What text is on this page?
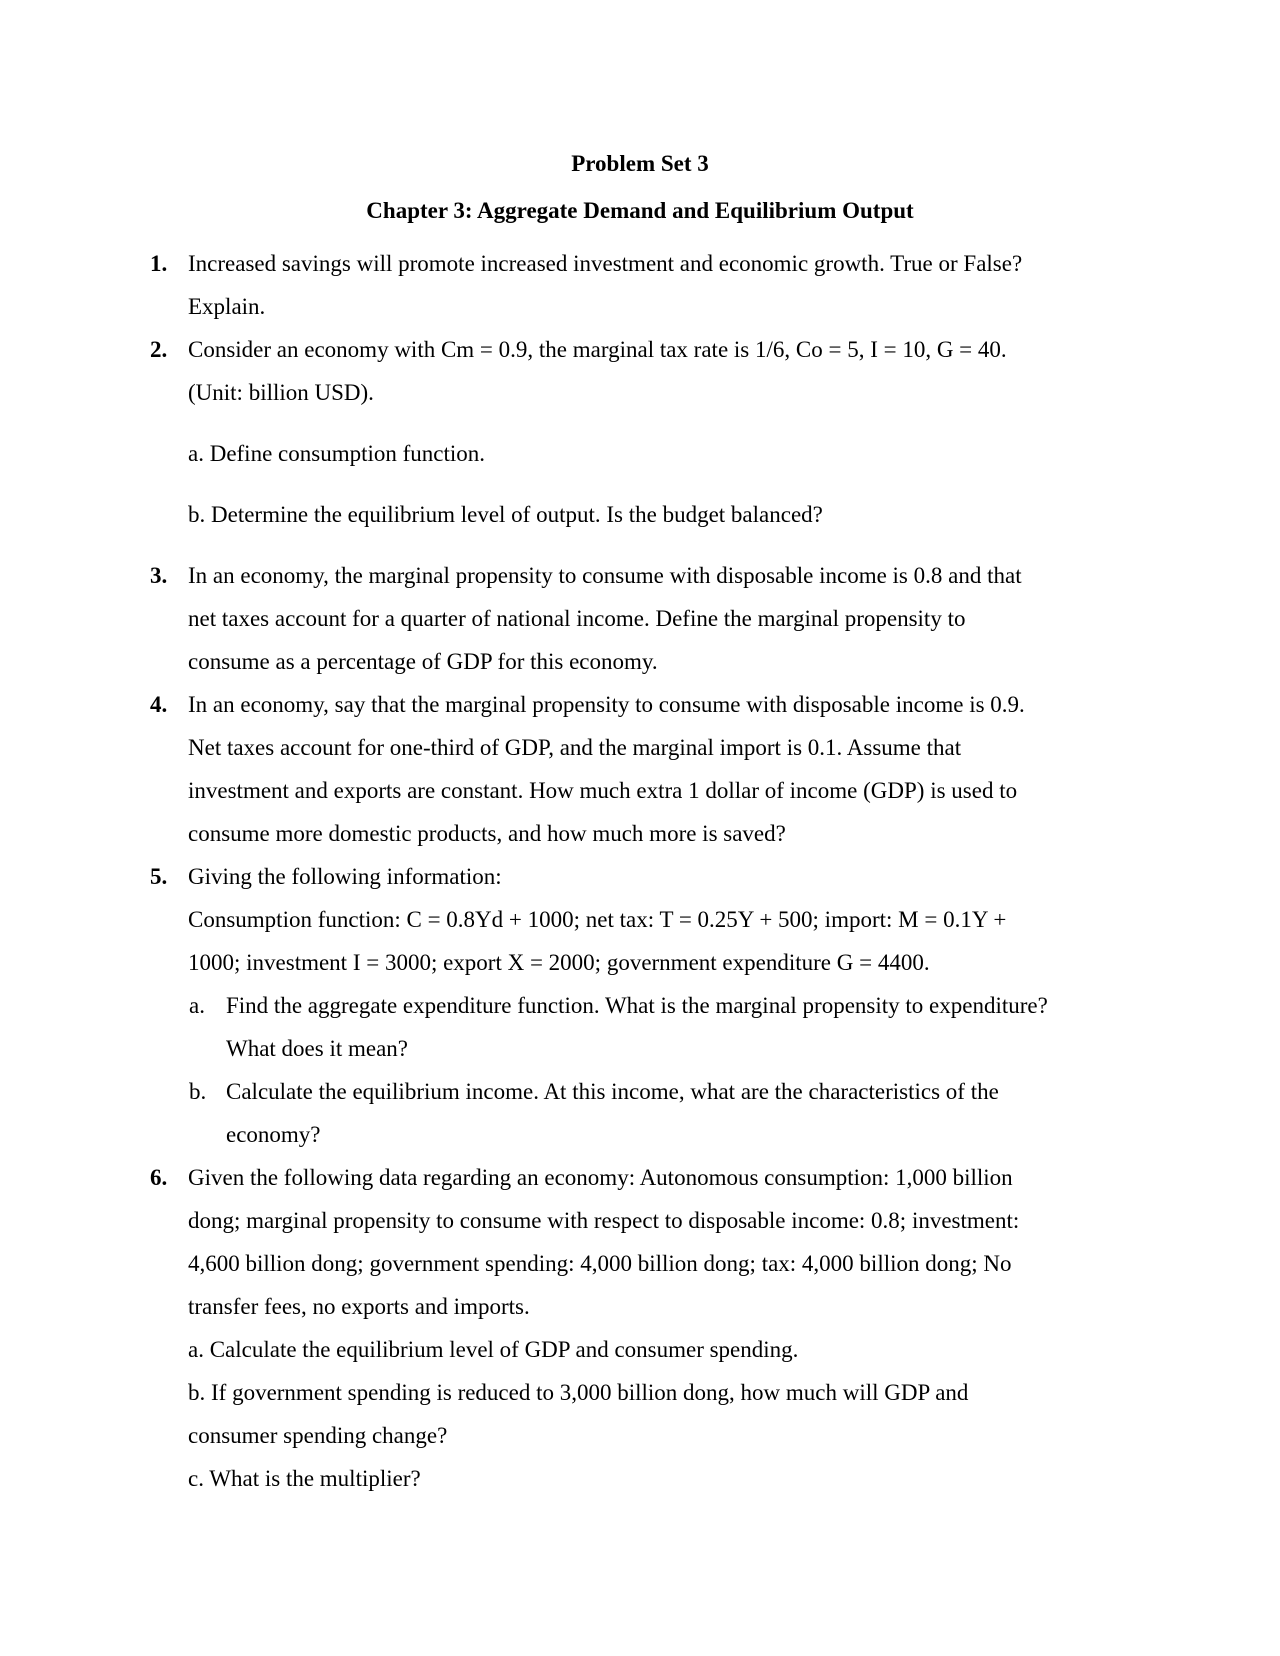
Problem Set 3
Chapter 3: Aggregate Demand and Equilibrium Output
1. Increased savings will promote increased investment and economic growth. True or False?
Explain.
2. Consider an economy with Cm = 0.9, the marginal tax rate is 1/6, Co = 5, I = 10, G = 40.
(Unit: billion USD).
a. Define consumption function.
b. Determine the equilibrium level of output. Is the budget balanced?
3. In an economy, the marginal propensity to consume with disposable income is 0.8 and that
net taxes account for a quarter of national income. Define the marginal propensity to
consume as a percentage of GDP for this economy.
4. In an economy, say that the marginal propensity to consume with disposable income is 0.9.
Net taxes account for one-third of GDP, and the marginal import is 0.1. Assume that
investment and exports are constant. How much extra 1 dollar of income (GDP) is used to
consume more domestic products, and how much more is saved?
5. Giving the following information:
Consumption function: C = 0.8Yd + 1000; net tax: T = 0.25Y + 500; import: M = 0.1Y +
1000; investment I = 3000; export X = 2000; government expenditure G = 4400.
a. Find the aggregate expenditure function. What is the marginal propensity to expenditure?
What does it mean?
b. Calculate the equilibrium income. At this income, what are the characteristics of the
economy?
6. Given the following data regarding an economy: Autonomous consumption: 1,000 billion
dong; marginal propensity to consume with respect to disposable income: 0.8; investment:
4,600 billion dong; government spending: 4,000 billion dong; tax: 4,000 billion dong; No
transfer fees, no exports and imports.
a. Calculate the equilibrium level of GDP and consumer spending.
b. If government spending is reduced to 3,000 billion dong, how much will GDP and
consumer spending change?
c. What is the multiplier?
